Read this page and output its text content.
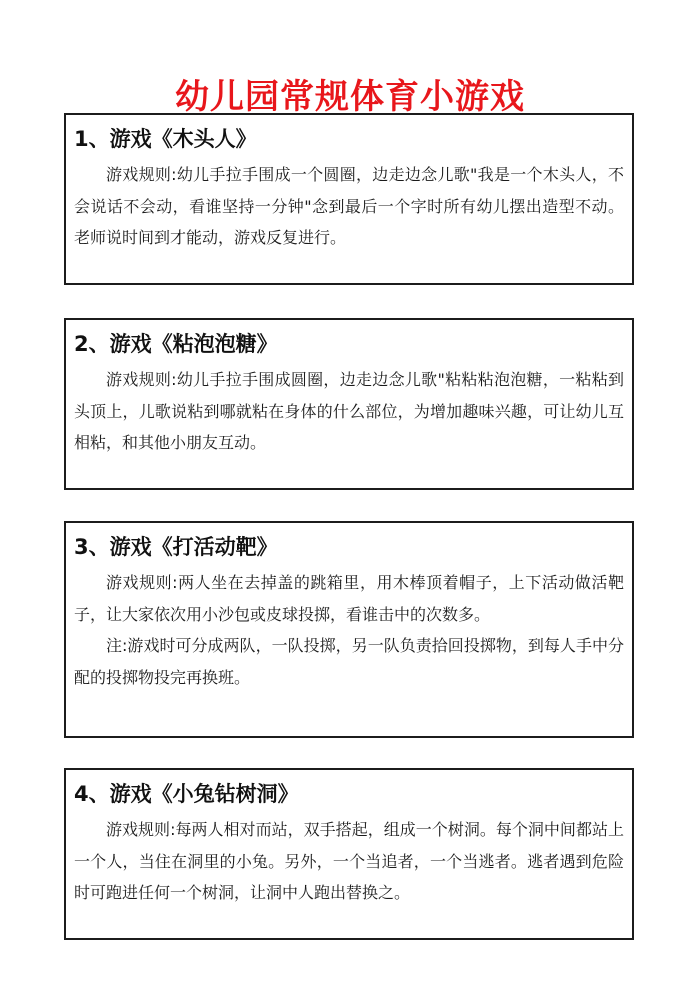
幼儿园常规体育小游戏
1、游戏《木头人》

游戏规则:幼儿手拉手围成一个圆圈，边走边念儿歌"我是一个木头人，不会说话不会动，看谁坚持一分钟"念到最后一个字时所有幼儿摆出造型不动。老师说时间到才能动，游戏反复进行。

2、游戏《粘泡泡糖》

游戏规则:幼儿手拉手围成圆圈，边走边念儿歌"粘粘粘泡泡糖，一粘粘到头顶上，儿歌说粘到哪就粘在身体的什么部位，为增加趣味兴趣，可让幼儿互相粘，和其他小朋友互动。

3、游戏《打活动靶》

游戏规则:两人坐在去掉盖的跳箱里，用木棒顶着帽子，上下活动做活靶子，让大家依次用小沙包或皮球投掷，看谁击中的次数多。

注:游戏时可分成两队，一队投掷，另一队负责拾回投掷物，到每人手中分配的投掷物投完再换班。

4、游戏《小兔钻树洞》

游戏规则:每两人相对而站，双手搭起，组成一个树洞。每个洞中间都站上一个人，当住在洞里的小兔。另外，一个当追者，一个当逃者。逃者遇到危险时可跑进任何一个树洞，让洞中人跑出替换之。
